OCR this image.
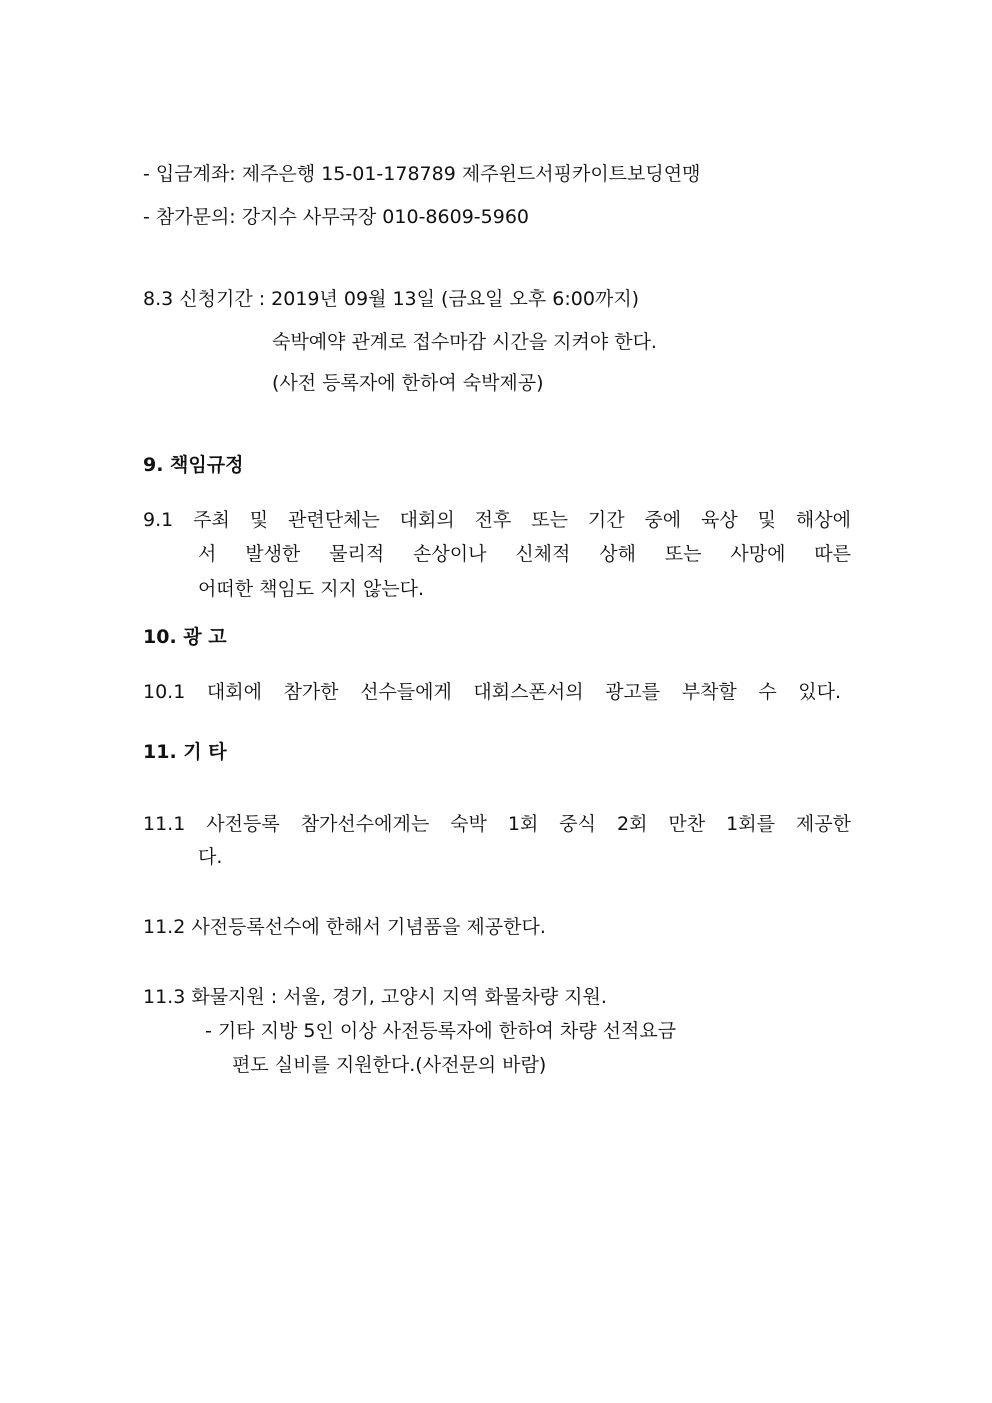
- 입금계좌: 제주은행 15-01-178789 제주윈드서핑카이트보딩연맹
- 참가문의: 강지수 사무국장 010-8609-5960
8.3 신청기간 : 2019년 09월 13일 (금요일 오후 6:00까지)
숙박예약 관계로 접수마감 시간을 지켜야 한다.
(사전 등록자에 한하여 숙박제공)
9. 책임규정
9.1 주최 및 관련단체는 대회의 전후 또는 기간 중에 육상 및 해상에
서 발생한 물리적 손상이나 신체적 상해 또는 사망에 따른
어떠한 책임도 지지 않는다.
10. 광 고
10.1 대회에 참가한 선수들에게 대회스폰서의 광고를 부착할 수 있다.
11. 기 타
11.1 사전등록 참가선수에게는 숙박 1회 중식 2회 만찬 1회를 제공한
다.
11.2 사전등록선수에 한해서 기념품을 제공한다.
11.3 화물지원 : 서울, 경기, 고양시 지역 화물차량 지원.
- 기타 지방 5인 이상 사전등록자에 한하여 차량 선적요금
편도 실비를 지원한다.(사전문의 바람)
